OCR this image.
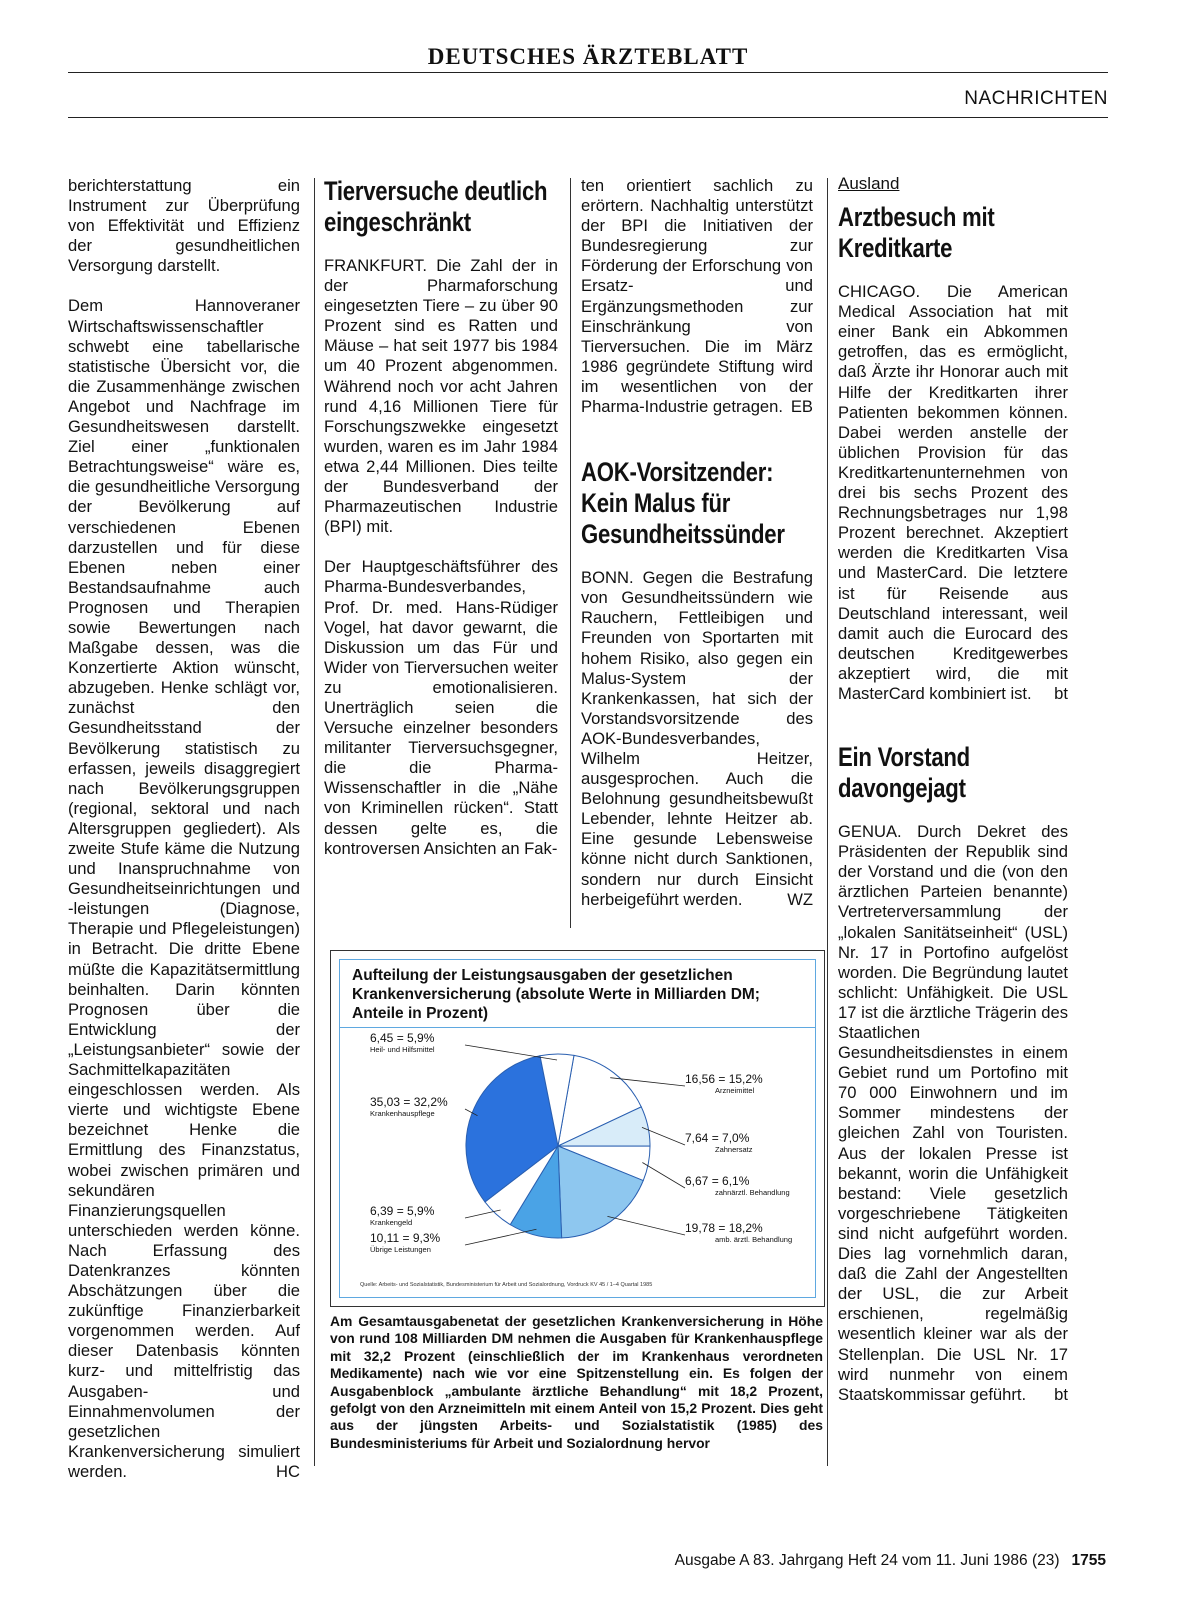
DEUTSCHES ÄRZTEBLATT
NACHRICHTEN

berichterstattung ein Instrument zur Überprüfung von Effektivität und Effizienz der gesundheitlichen Versorgung darstellt.

Dem Hannoveraner Wirtschaftswissenschaftler schwebt eine tabellarische statistische Übersicht vor, die die Zusammenhänge zwischen Angebot und Nachfrage im Gesundheitswesen darstellt. Ziel einer „funktionalen Betrachtungsweise“ wäre es, die gesundheitliche Versorgung der Bevölkerung auf verschiedenen Ebenen darzustellen und für diese Ebenen neben einer Bestandsaufnahme auch Prognosen und Therapien sowie Bewertungen nach Maßgabe dessen, was die Konzertierte Aktion wünscht, abzugeben. Henke schlägt vor, zunächst den Gesundheitsstand der Bevölkerung statistisch zu erfassen, jeweils disaggregiert nach Bevölkerungsgruppen (regional, sektoral und nach Altersgruppen gegliedert). Als zweite Stufe käme die Nutzung und Inanspruchnahme von Gesundheitseinrichtungen und -leistungen (Diagnose, Therapie und Pflegeleistungen) in Betracht. Die dritte Ebene müßte die Kapazitätsermittlung beinhalten. Darin könnten Prognosen über die Entwicklung der „Leistungsanbieter“ sowie der Sachmittelkapazitäten eingeschlossen werden. Als vierte und wichtigste Ebene bezeichnet Henke die Ermittlung des Finanzstatus, wobei zwischen primären und sekundären Finanzierungsquellen unterschieden werden könne. Nach Erfassung des Datenkranzes könnten Abschätzungen über die zukünftige Finanzierbarkeit vorgenommen werden. Auf dieser Datenbasis könnten kurz- und mittelfristig das Ausgaben- und Einnahmenvolumen der gesetzlichen Krankenversicherung simuliert werden.	HC

Tierversuche deutlich eingeschränkt

FRANKFURT. Die Zahl der in der Pharmaforschung eingesetzten Tiere – zu über 90 Prozent sind es Ratten und Mäuse – hat seit 1977 bis 1984 um 40 Prozent abgenommen. Während noch vor acht Jahren rund 4,16 Millionen Tiere für Forschungszwekke eingesetzt wurden, waren es im Jahr 1984 etwa 2,44 Millionen. Dies teilte der Bundesverband der Pharmazeutischen Industrie (BPI) mit.

Der Hauptgeschäftsführer des Pharma-Bundesverbandes, Prof. Dr. med. Hans-Rüdiger Vogel, hat davor gewarnt, die Diskussion um das Für und Wider von Tierversuchen weiter zu emotionalisieren. Unerträglich seien die Versuche einzelner besonders militanter Tierversuchsgegner, die die Pharma-Wissenschaftler in die „Nähe von Kriminellen rücken“. Statt dessen gelte es, die kontroversen Ansichten an Fak-

ten orientiert sachlich zu erörtern. Nachhaltig unterstützt der BPI die Initiativen der Bundesregierung zur Förderung der Erforschung von Ersatz- und Ergänzungsmethoden zur Einschränkung von Tierversuchen. Die im März 1986 gegründete Stiftung wird im wesentlichen von der Pharma-Industrie getragen. EB

AOK-Vorsitzender: Kein Malus für Gesundheitssünder

BONN. Gegen die Bestrafung von Gesundheitssündern wie Rauchern, Fettleibigen und Freunden von Sportarten mit hohem Risiko, also gegen ein Malus-System der Krankenkassen, hat sich der Vorstandsvorsitzende des AOK-Bundesverbandes, Wilhelm Heitzer, ausgesprochen. Auch die Belohnung gesundheitsbewußt Lebender, lehnte Heitzer ab. Eine gesunde Lebensweise könne nicht durch Sanktionen, sondern nur durch Einsicht herbeigeführt werden.	WZ

Ausland
Arztbesuch mit Kreditkarte

CHICAGO. Die American Medical Association hat mit einer Bank ein Abkommen getroffen, das es ermöglicht, daß Ärzte ihr Honorar auch mit Hilfe der Kreditkarten ihrer Patienten bekommen können. Dabei werden anstelle der üblichen Provision für das Kreditkartenunternehmen von drei bis sechs Prozent des Rechnungsbetrages nur 1,98 Prozent berechnet. Akzeptiert werden die Kreditkarten Visa und MasterCard. Die letztere ist für Reisende aus Deutschland interessant, weil damit auch die Eurocard des deutschen Kreditgewerbes akzeptiert wird, die mit MasterCard kombiniert ist. bt

Ein Vorstand davongejagt

GENUA. Durch Dekret des Präsidenten der Republik sind der Vorstand und die (von den ärztlichen Parteien benannte) Vertreterversammlung der „lokalen Sanitätseinheit“ (USL) Nr. 17 in Portofino aufgelöst worden. Die Begründung lautet schlicht: Unfähigkeit. Die USL 17 ist die ärztliche Trägerin des Staatlichen Gesundheitsdienstes in einem Gebiet rund um Portofino mit 70 000 Einwohnern und im Sommer mindestens der gleichen Zahl von Touristen. Aus der lokalen Presse ist bekannt, worin die Unfähigkeit bestand: Viele gesetzlich vorgeschriebene Tätigkeiten sind nicht aufgeführt worden. Dies lag vornehmlich daran, daß die Zahl der Angestellten der USL, die zur Arbeit erschienen, regelmäßig wesentlich kleiner war als der Stellenplan. Die USL Nr. 17 wird nunmehr von einem Staatskommissar geführt. bt

Aufteilung der Leistungsausgaben der gesetzlichen Krankenversicherung (absolute Werte in Milliarden DM; Anteile in Prozent)
16,56 = 15,2%
Arzneimittel
7,64 = 7,0%
Zahnersatz
6,67 = 6,1%
zahnärztl. Behandlung
19,78 = 18,2%
amb. ärztl. Behandlung
10,11 = 9,3%
Übrige Leistungen
6,39 = 5,9%
Krankengeld
35,03 = 32,2%
Krankenhauspflege
6,45 = 5,9%
Heil- und Hilfsmittel
Quelle: Arbeits- und Sozialstatistik, Bundesministerium für Arbeit und Sozialordnung, Vordruck KV 45 / 1–4 Quartal 1985
Am Gesamtausgabenetat der gesetzlichen Krankenversicherung in Höhe von rund 108 Milliarden DM nehmen die Ausgaben für Krankenhauspflege mit 32,2 Prozent (einschließlich der im Krankenhaus verordneten Medikamente) nach wie vor eine Spitzenstellung ein. Es folgen der Ausgabenblock „ambulante ärztliche Behandlung“ mit 18,2 Prozent, gefolgt von den Arzneimitteln mit einem Anteil von 15,2 Prozent. Dies geht aus der jüngsten Arbeits- und Sozialstatistik (1985) des Bundesministeriums für Arbeit und Sozialordnung hervor
Ausgabe A 83. Jahrgang Heft 24 vom 11. Juni 1986 (23) 1755
